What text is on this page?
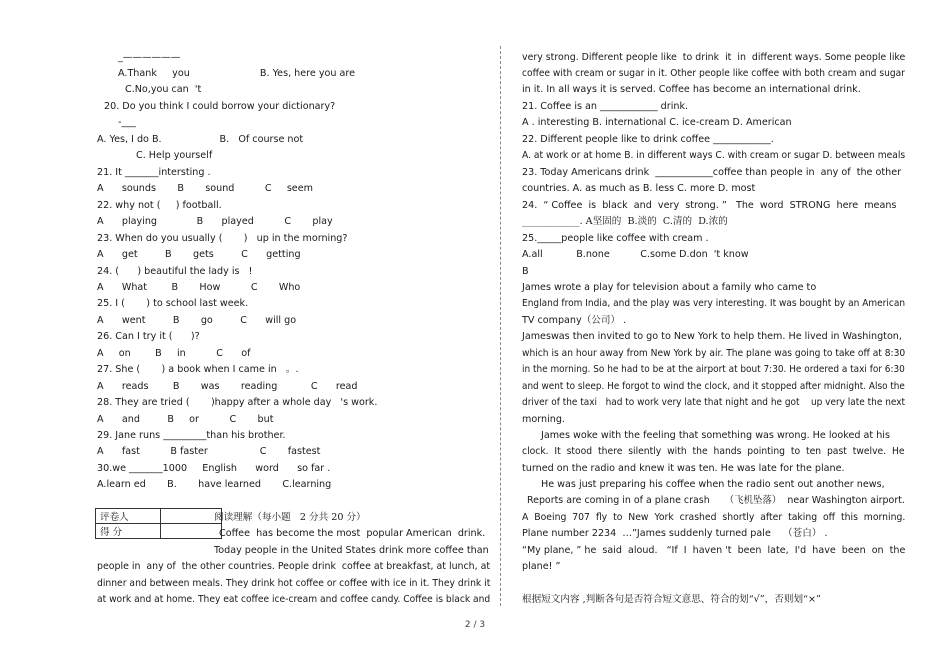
_——————
A.Thank     you                       B. Yes, here you are
C.No,you can  't
20. Do you think I could borrow your dictionary?
-___
A. Yes, I do B.                   B.   Of course not
C. Help yourself
21. It _______intersting .
A      sounds       B       sound          C     seem
22. why not (     ) football.
A      playing             B      played          C       play
23. When do you usually (       )   up in the morning?
A      get         B       gets         C      getting
24. (      ) beautiful the lady is   !
A      What        B       How          C       Who
25. I (       ) to school last week.
A      went         B       go         C      will go
26. Can I try it (      )?
A     on        B     in          C      of
27. She (       ) a book when I came in   。.
A      reads        B       was       reading           C      read
28. They are tried (       )happy after a whole day   's work.
A      and         B     or          C       but
29. Jane runs _________than his brother.
A      fast          B faster                 C       fastest
30.we _______1000     English      word      so far .
A.learn ed       B.       have learned       C.learning
评卷人	
得 分	
阅读理解（每小题   2 分共 20 分）
Coffee  has become the most  popular American  drink.
Today people in the United States drink more coffee than
people in  any of  the other countries. People drink  coffee at breakfast, at lunch, at
dinner and between meals. They drink hot coffee or coffee with ice in it. They drink it
at work and at home. They eat coffee ice-cream and coffee candy. Coffee is black and
very strong. Different people like  to drink  it  in  different ways. Some people like
coffee with cream or sugar in it. Other people like coffee with both cream and sugar
in it. In all ways it is served. Coffee has become an international drink.
21. Coffee is an ____________ drink.
A . interesting B. international C. ice-cream D. American
22. Different people like to drink coffee ____________.
A. at work or at home B. in different ways C. with cream or sugar D. between meals
23. Today Americans drink  ____________coffee than people in  any of  the other
countries. A. as much as B. less C. more D. most
24.  “ Coffee  is  black  and  very  strong. ”   The  word  STRONG  here  means
____________. A坚固的  B.淡的  C.清的  D.浓的
25._____people like coffee with cream .
A.all           B.none          C.some D.don  't know
B
James wrote a play for television about a family who came to
England from India, and the play was very interesting. It was bought by an American
TV company（公司） .
Jameswas then invited to go to New York to help them. He lived in Washington,
which is an hour away from New York by air. The plane was going to take off at 8:30
in the morning. So he had to be at the airport at bout 7:30. He ordered a taxi for 6:30
and went to sleep. He forgot to wind the clock, and it stopped after midnight. Also the
driver of the taxi   had to work very late that night and he got    up very late the next
morning.
James woke with the feeling that something was wrong. He looked at his
clock.  It  stood  there  silently  with  the  hands  pointing  to  ten  past  twelve.  He
turned on the radio and knew it was ten. He was late for the plane.
He was just preparing his coffee when the radio sent out another news,
Reports are coming in of a plane crash     （飞机坠落）  near Washington airport.
A  Boeing  707  fly  to  New  York  crashed  shortly  after  taking  off  this  morning.
Plane number 2234  …”James suddenly turned pale    （苍白） .
“My plane, ” he  said  aloud.   “If  I  haven 't  been  late,  I'd  have  been  on  the
plane! ”
根据短文内容 ,判断各句是否符合短文意思、符合的划“√”，否则划“×”
2 / 3
